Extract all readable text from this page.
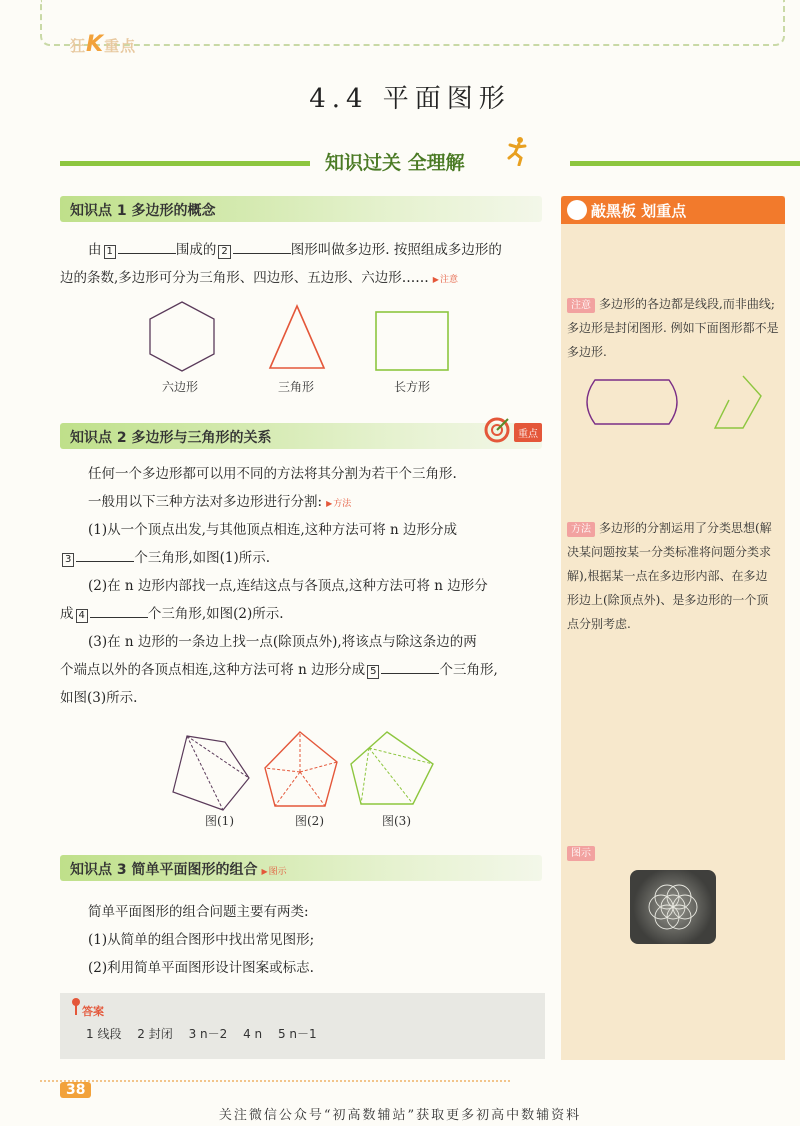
狂K重点
4.4 平面图形
知识过关 全理解
知识点 1 多边形的概念
由 1	围成的 2	图形叫做多边形. 按照组成多边形的
边的条数,多边形可分为三角形、四边形、五边形、六边形…… ▶ 注意
六边形	三角形	长方形
知识点 2 多边形与三角形的关系	重点
任何一个多边形都可以用不同的方法将其分割为若干个三角形.
一般用以下三种方法对多边形进行分割: ▶ 方法
(1)从一个顶点出发,与其他顶点相连,这种方法可将 n 边形分成
3	个三角形,如图(1)所示.
(2)在 n 边形内部找一点,连结这点与各顶点,这种方法可将 n 边形分
成 4	个三角形,如图(2)所示.
(3)在 n 边形的一条边上找一点(除顶点外),将该点与除这条边的两
个端点以外的各顶点相连,这种方法可将 n 边形分成 5	个三角形,
如图(3)所示.
图(1)	图(2)	图(3)
知识点 3 简单平面图形的组合 ▶ 图示
简单平面图形的组合问题主要有两类:
(1)从简单的组合图形中找出常见图形;
(2)利用简单平面图形设计图案或标志.
答案
1 线段 2 封闭 3 n－2 4 n 5 n－1
敲黑板 划重点
注意 多边形的各边都是线段,而非曲线;多边形是封闭图形. 例如下面图形都不是多边形.
方法 多边形的分割运用了分类思想(解决某问题按某一分类标准将问题分类求解),根据某一点在多边形内部、在多边形边上(除顶点外)、是多边形的一个顶点分别考虑.
图示
38
关注微信公众号“初高数辅站”获取更多初高中数辅资料
